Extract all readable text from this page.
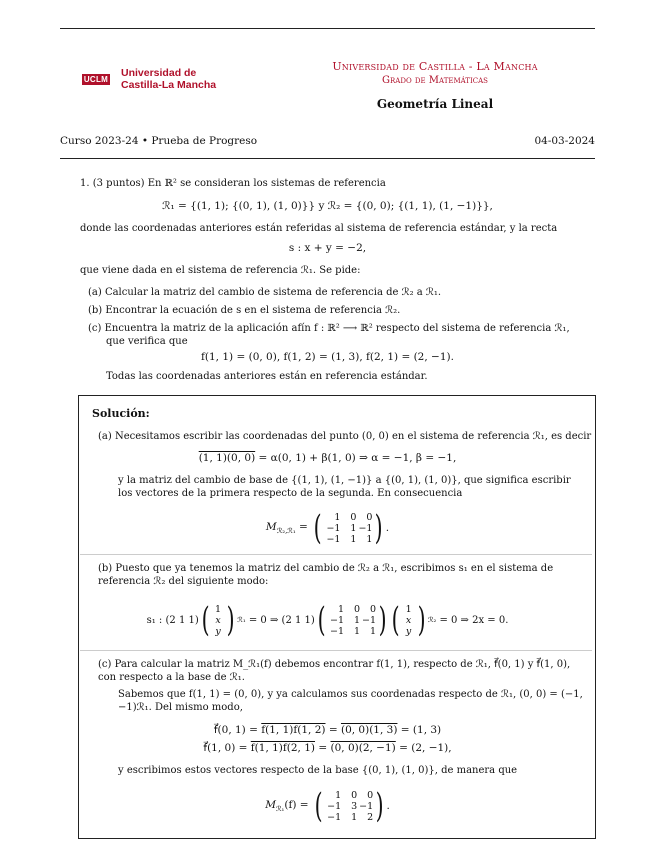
UCLM Universidad de
Castilla-La Mancha
Universidad de Castilla - La Mancha
Grado de Matemáticas
Geometría Lineal
Curso 2023-24 • Prueba de Progreso	04-03-2024
1. (3 puntos) En ℝ² se consideran los sistemas de referencia
ℛ₁ = {(1, 1); {(0, 1), (1, 0)}} y ℛ₂ = {(0, 0); {(1, 1), (1, −1)}},
donde las coordenadas anteriores están referidas al sistema de referencia estándar, y la recta
s : x + y = −2,
que viene dada en el sistema de referencia ℛ₁. Se pide:
(a) Calcular la matriz del cambio de sistema de referencia de ℛ₂ a ℛ₁.
(b) Encontrar la ecuación de s en el sistema de referencia ℛ₂.
(c) Encuentra la matriz de la aplicación afín f : ℝ² ⟶ ℝ² respecto del sistema de referencia ℛ₁,
que verifica que
f(1, 1) = (0, 0), f(1, 2) = (1, 3), f(2, 1) = (2, −1).
Todas las coordenadas anteriores están en referencia estándar.
Solución:
(a) Necesitamos escribir las coordenadas del punto (0, 0) en el sistema de referencia ℛ₁, es decir
(1, 1)(0, 0) = α(0, 1) + β(1, 0) ⇒ α = −1, β = −1,
y la matriz del cambio de base de {(1, 1), (1, −1)} a {(0, 1), (1, 0)}, que significa escribir los vectores de la primera respecto de la segunda. En consecuencia
$M_{ℛ_2,ℛ_1}$ = (	1	0	0
−1	1 −1
−1	1	1 ) .
(b) Puesto que ya tenemos la matriz del cambio de ℛ₂ a ℛ₁, escribimos s₁ en el sistema de referencia ℛ₂ del siguiente modo:
s₁ :
(2 1 1) ( 1
x
y ) ℛ₁
= 0 ⇒
(2 1 1) (	1	0	0
−1	1 −1
−1	1	1 ) ( 1
x
y ) ℛ₂
= 0 ⇒ 2x = 0.
(c) Para calcular la matriz M_ℛ₁(f) debemos encontrar f(1, 1), respecto de ℛ₁, f⃗(0, 1) y f⃗(1, 0), con respecto a la base de ℛ₁.
Sabemos que f(1, 1) = (0, 0), y ya calculamos sus coordenadas respecto de ℛ₁, (0, 0) = (−1, −1)ℛ₁. Del mismo modo,
f⃗(0, 1) = f(1, 1)f(1, 2) = (0, 0)(1, 3) = (1, 3)
f⃗(1, 0) = f(1, 1)f(2, 1) = (0, 0)(2, −1) = (2, −1),
y escribimos estos vectores respecto de la base {(0, 1), (1, 0)}, de manera que
$M_{ℛ_1}(f)$ = (	1	0	0
−1	3 −1
−1	1	2 ) .
